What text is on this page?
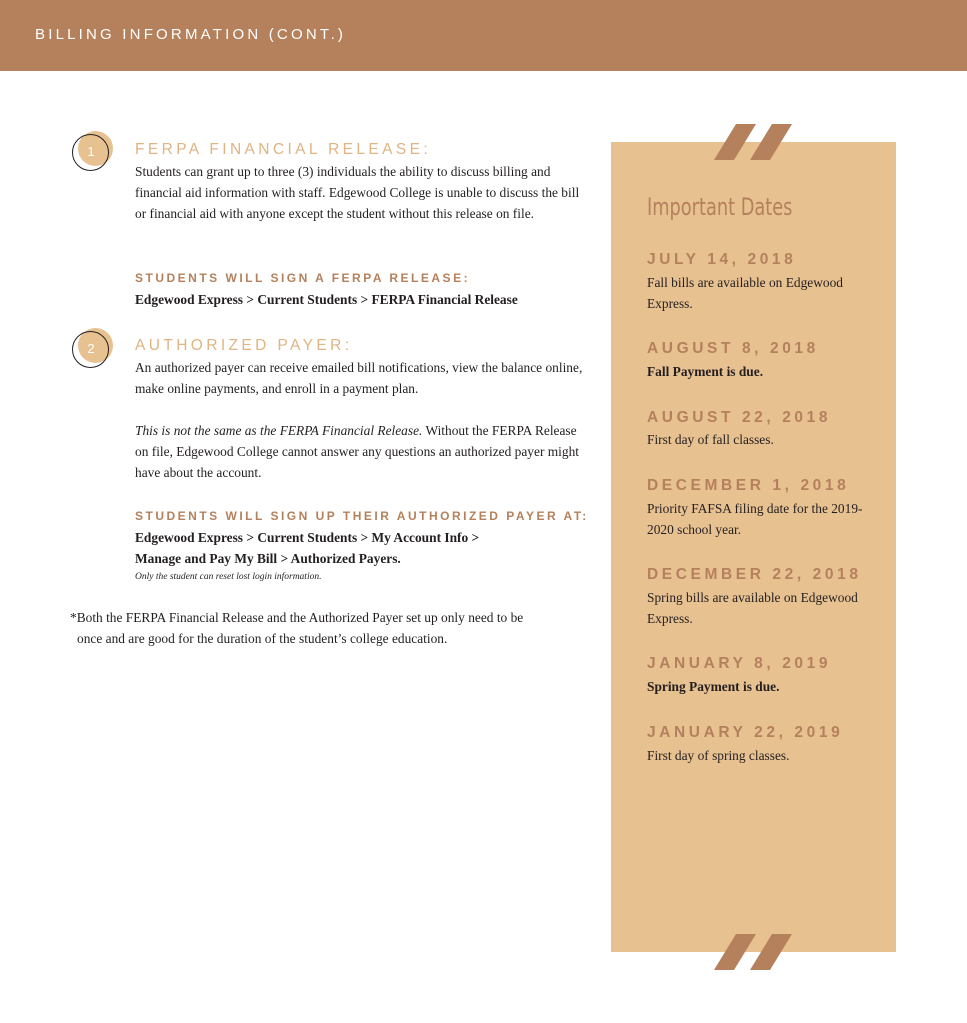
BILLING INFORMATION (CONT.)
1	FERPA FINANCIAL RELEASE:
Students can grant up to three (3) individuals the ability to discuss billing and financial aid information with staff. Edgewood College is unable to discuss the bill or financial aid with anyone except the student without this release on file.
STUDENTS WILL SIGN A FERPA RELEASE:
Edgewood Express > Current Students > FERPA Financial Release
2	AUTHORIZED PAYER:
An authorized payer can receive emailed bill notifications, view the balance online, make online payments, and enroll in a payment plan.
This is not the same as the FERPA Financial Release. Without the FERPA Release on file, Edgewood College cannot answer any questions an authorized payer might have about the account.
STUDENTS WILL SIGN UP THEIR AUTHORIZED PAYER AT:
Edgewood Express > Current Students > My Account Info >
Manage and Pay My Bill > Authorized Payers.
Only the student can reset lost login information.
*Both the FERPA Financial Release and the Authorized Payer set up only need to be
once and are good for the duration of the student’s college education.
Important Dates
JULY 14, 2018
Fall bills are available on Edgewood Express.
AUGUST 8, 2018
Fall Payment is due.
AUGUST 22, 2018
First day of fall classes.
DECEMBER 1, 2018
Priority FAFSA filing date for the 2019-2020 school year.
DECEMBER 22, 2018
Spring bills are available on Edgewood Express.
JANUARY 8, 2019
Spring Payment is due.
JANUARY 22, 2019
First day of spring classes.
